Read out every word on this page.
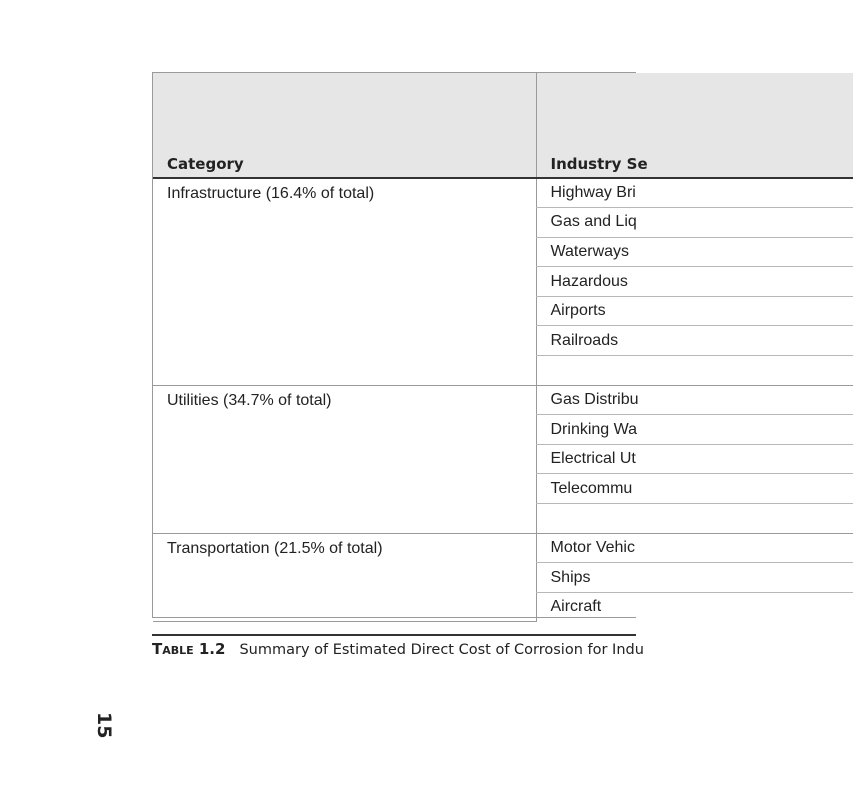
15
Category	Industry Se
Infrastructure (16.4% of total)	Highway Bri
	Gas and Liq
	Waterways
	Hazardous
	Airports
	Railroads

Utilities (34.7% of total)	Gas Distribu
	Drinking Wa
	Electrical Ut
	Telecommu

Transportation (21.5% of total)	Motor Vehic
	Ships
	Aircraft
Table 1.2 Summary of Estimated Direct Cost of Corrosion for Indu
